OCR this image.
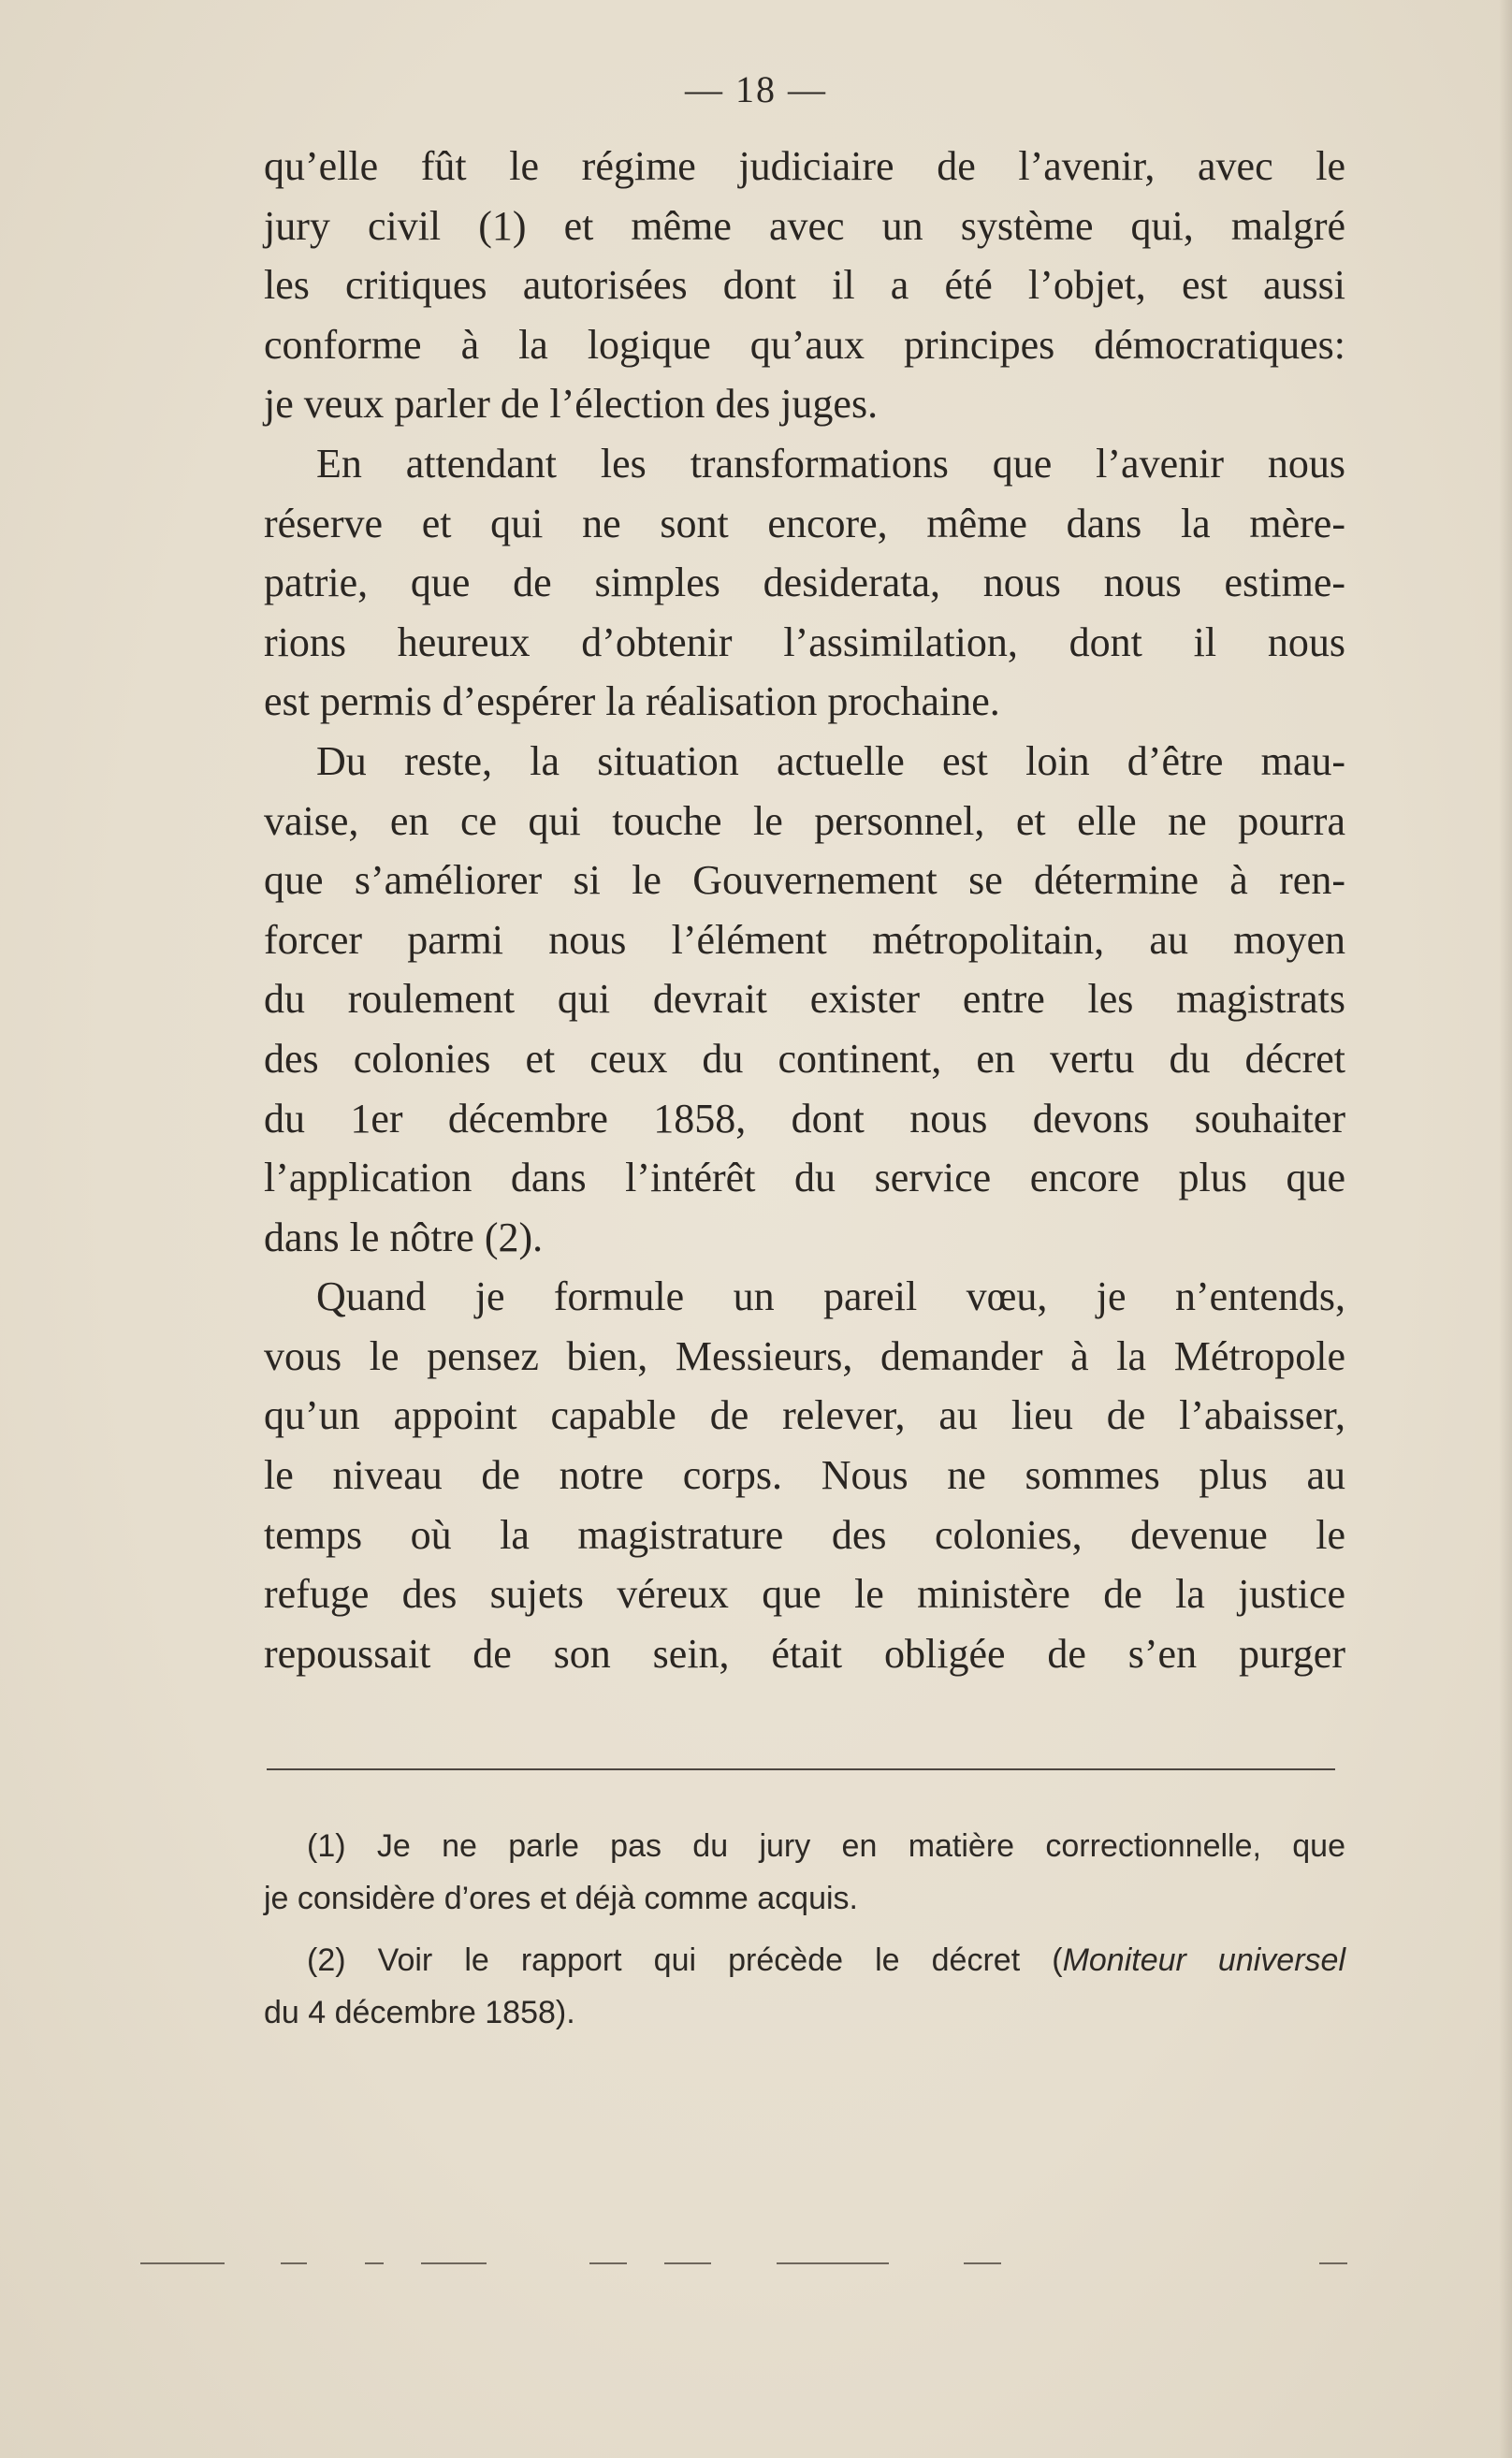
— 18 —
qu’elle fût le régime judiciaire de l’avenir, avec le
jury civil (1) et même avec un système qui, malgré
les critiques autorisées dont il a été l’objet, est aussi
conforme à la logique qu’aux principes démocratiques:
je veux parler de l’élection des juges.
En attendant les transformations que l’avenir nous
réserve et qui ne sont encore, même dans la mère-
patrie, que de simples desiderata, nous nous estime-
rions heureux d’obtenir l’assimilation, dont il nous
est permis d’espérer la réalisation prochaine.
Du reste, la situation actuelle est loin d’être mau-
vaise, en ce qui touche le personnel, et elle ne pourra
que s’améliorer si le Gouvernement se détermine à ren-
forcer parmi nous l’élément métropolitain, au moyen
du roulement qui devrait exister entre les magistrats
des colonies et ceux du continent, en vertu du décret
du 1er décembre 1858, dont nous devons souhaiter
l’application dans l’intérêt du service encore plus que
dans le nôtre (2).
Quand je formule un pareil vœu, je n’entends,
vous le pensez bien, Messieurs, demander à la Métropole
qu’un appoint capable de relever, au lieu de l’abaisser,
le niveau de notre corps. Nous ne sommes plus au
temps où la magistrature des colonies, devenue le
refuge des sujets véreux que le ministère de la justice
repoussait de son sein, était obligée de s’en purger
(1) Je ne parle pas du jury en matière correctionnelle, que
je considère d’ores et déjà comme acquis.
(2) Voir le rapport qui précède le décret (Moniteur universel
du 4 décembre 1858).
